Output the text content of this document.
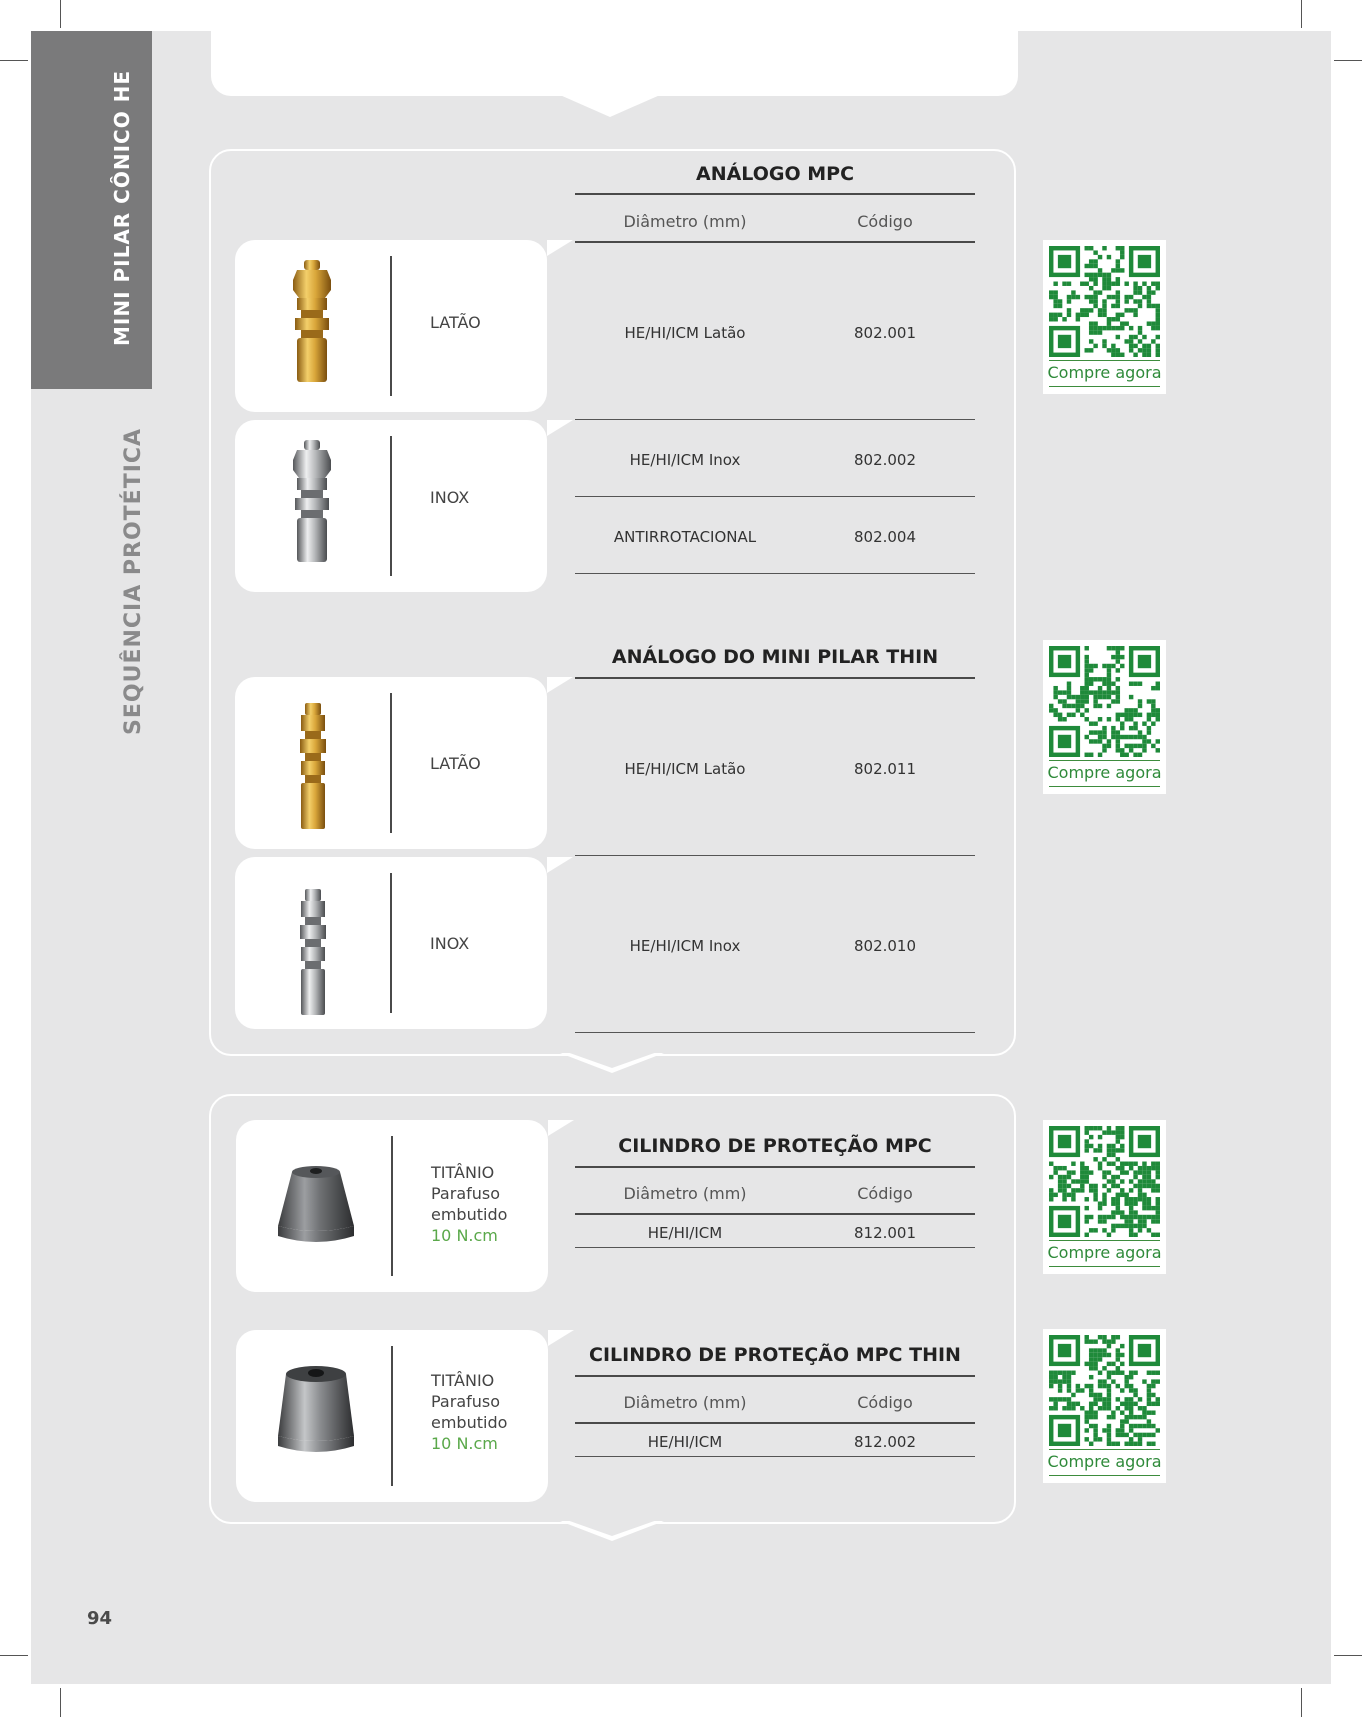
MINI PILAR CÔNICO HE
SEQUÊNCIA PROTÉTICA
94
LATÃO
INOX
LATÃO
INOX
ANÁLOGO MPC
Diâmetro (mm)	Código
HE/HI/ICM Latão	802.001
HE/HI/ICM Inox	802.002
ANTIRROTACIONAL	802.004
ANÁLOGO DO MINI PILAR THIN
HE/HI/ICM Latão	802.011
HE/HI/ICM Inox	802.010
TITÂNIO
Parafuso
embutido
10 N.cm
TITÂNIO
Parafuso
embutido
10 N.cm
CILINDRO DE PROTEÇÃO MPC
Diâmetro (mm)	Código
HE/HI/ICM	812.001
CILINDRO DE PROTEÇÃO MPC THIN
Diâmetro (mm)	Código
HE/HI/ICM	812.002
Compre agora
Compre agora
Compre agora
Compre agora
